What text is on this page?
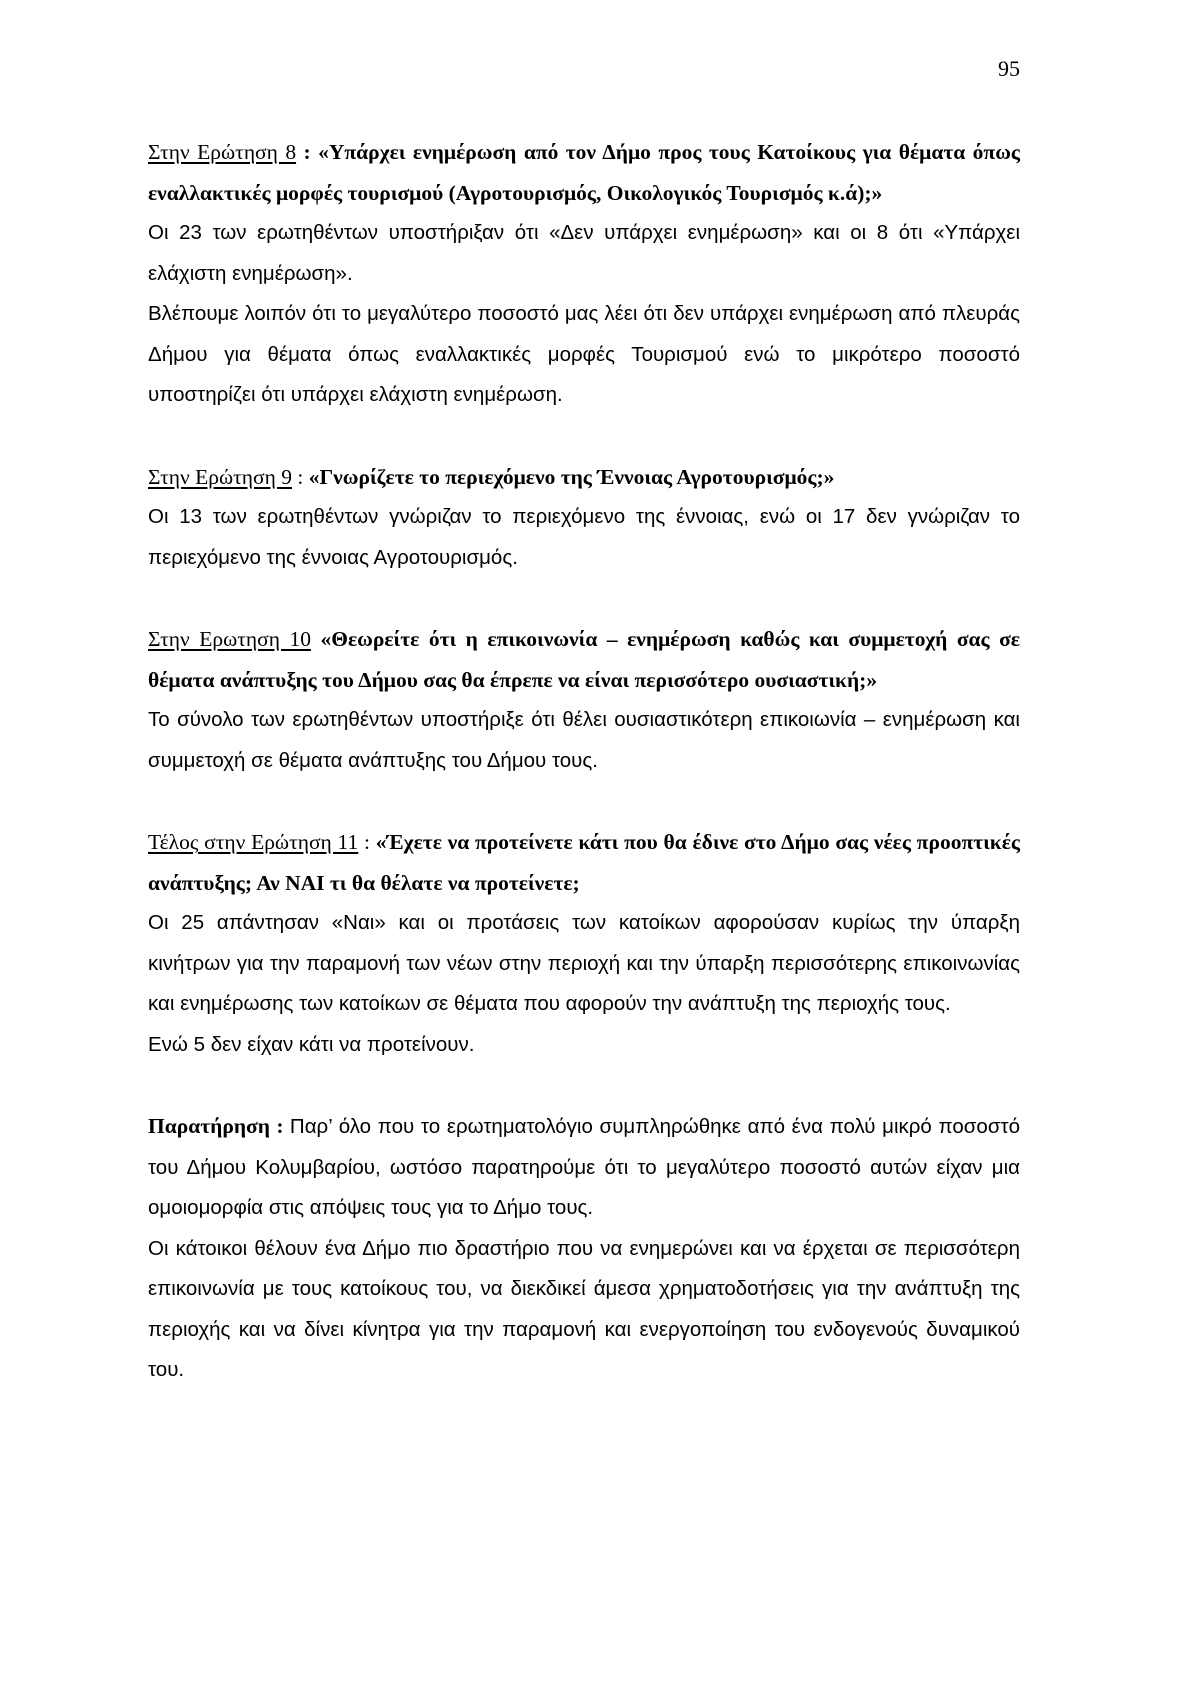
95

Στην Ερώτηση 8 : «Υπάρχει ενημέρωση από τον Δήμο προς τους Κατοίκους για θέματα όπως εναλλακτικές μορφές τουρισμού (Αγροτουρισμός, Οικολογικός Τουρισμός κ.ά);»

Οι 23 των ερωτηθέντων υποστήριξαν ότι «Δεν υπάρχει ενημέρωση» και οι 8 ότι «Υπάρχει ελάχιστη ενημέρωση».

Βλέπουμε λοιπόν ότι το μεγαλύτερο ποσοστό μας λέει ότι δεν υπάρχει ενημέρωση από πλευράς Δήμου για θέματα όπως εναλλακτικές μορφές Τουρισμού ενώ το μικρότερο ποσοστό υποστηρίζει ότι υπάρχει ελάχιστη ενημέρωση.

Στην Ερώτηση 9 : «Γνωρίζετε το περιεχόμενο της Έννοιας Αγροτουρισμός;»

Οι 13 των ερωτηθέντων γνώριζαν το περιεχόμενο της έννοιας, ενώ οι 17 δεν γνώριζαν το περιεχόμενο της έννοιας Αγροτουρισμός.

Στην Ερωτηση 10 «Θεωρείτε ότι η επικοινωνία – ενημέρωση καθώς και συμμετοχή σας σε θέματα ανάπτυξης του Δήμου σας θα έπρεπε να είναι περισσότερο ουσιαστική;»

Το σύνολο των ερωτηθέντων υποστήριξε ότι θέλει ουσιαστικότερη επικοιωνία – ενημέρωση και συμμετοχή σε θέματα ανάπτυξης του Δήμου τους.

Τέλος στην Ερώτηση 11 : «Έχετε να προτείνετε κάτι που θα έδινε στο Δήμο σας νέες προοπτικές ανάπτυξης; Αν ΝΑΙ τι θα θέλατε να προτείνετε;

Οι 25 απάντησαν «Ναι» και οι προτάσεις των κατοίκων αφορούσαν κυρίως την ύπαρξη κινήτρων για την παραμονή των νέων στην περιοχή και την ύπαρξη περισσότερης επικοινωνίας και ενημέρωσης των κατοίκων σε θέματα που αφορούν την ανάπτυξη της περιοχής τους.

Ενώ 5 δεν είχαν κάτι να προτείνουν.

Παρατήρηση : Παρ’ όλο που το ερωτηματολόγιο συμπληρώθηκε από ένα πολύ μικρό ποσοστό του Δήμου Κολυμβαρίου, ωστόσο παρατηρούμε ότι το μεγαλύτερο ποσοστό αυτών είχαν μια ομοιομορφία στις απόψεις τους για το Δήμο τους.

Οι κάτοικοι θέλουν ένα Δήμο πιο δραστήριο που να ενημερώνει και να έρχεται σε περισσότερη επικοινωνία με τους κατοίκους του, να διεκδικεί άμεσα χρηματοδοτήσεις για την ανάπτυξη της περιοχής και να δίνει κίνητρα για την παραμονή και ενεργοποίηση του ενδογενούς δυναμικού του.
